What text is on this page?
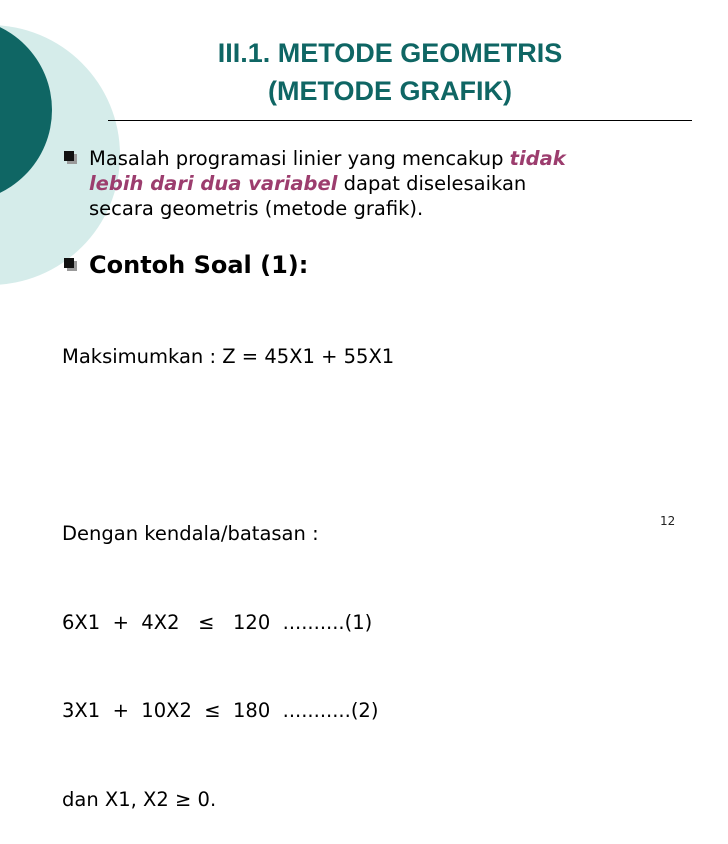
III.1. METODE GEOMETRIS
(METODE GRAFIK)
Masalah programasi linier yang mencakup tidak
lebih dari dua variabel dapat diselesaikan
secara geometris (metode grafik).
Contoh Soal (1):

Maksimumkan : Z = 45X1 + 55X1

Dengan kendala/batasan :

6X1  +  4X2   ≤   120  ..........(1)

3X1  +  10X2  ≤  180  ...........(2)

dan X1, X2 ≥ 0.

12
